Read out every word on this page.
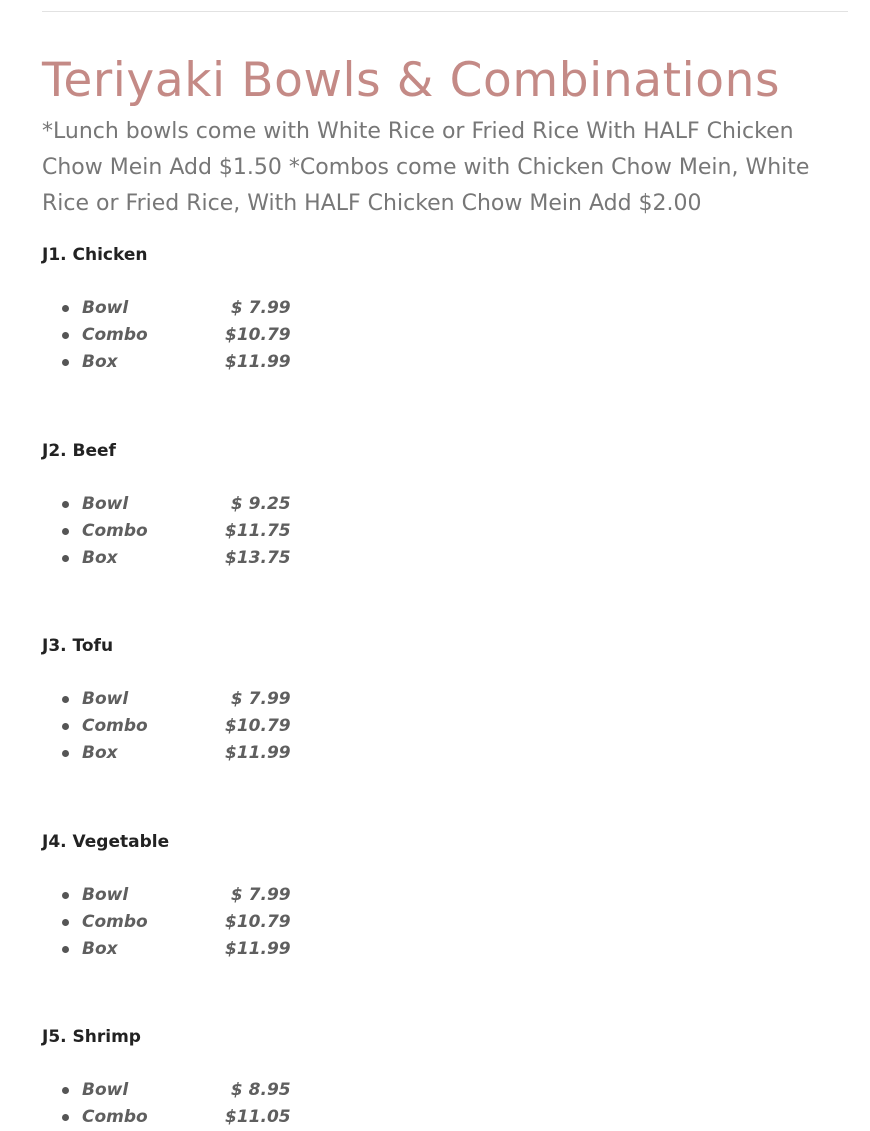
Teriyaki Bowls & Combinations

*Lunch bowls come with White Rice or Fried Rice With HALF Chicken Chow Mein Add $1.50 *Combos come with Chicken Chow Mein, White Rice or Fried Rice, With HALF Chicken Chow Mein Add $2.00

J1. Chicken
Bowl	$ 7.99
Combo	$10.79
Box	$11.99
J2. Beef
Bowl	$ 9.25
Combo	$11.75
Box	$13.75
J3. Tofu
Bowl	$ 7.99
Combo	$10.79
Box	$11.99
J4. Vegetable
Bowl	$ 7.99
Combo	$10.79
Box	$11.99
J5. Shrimp
Bowl	$ 8.95
Combo	$11.05
